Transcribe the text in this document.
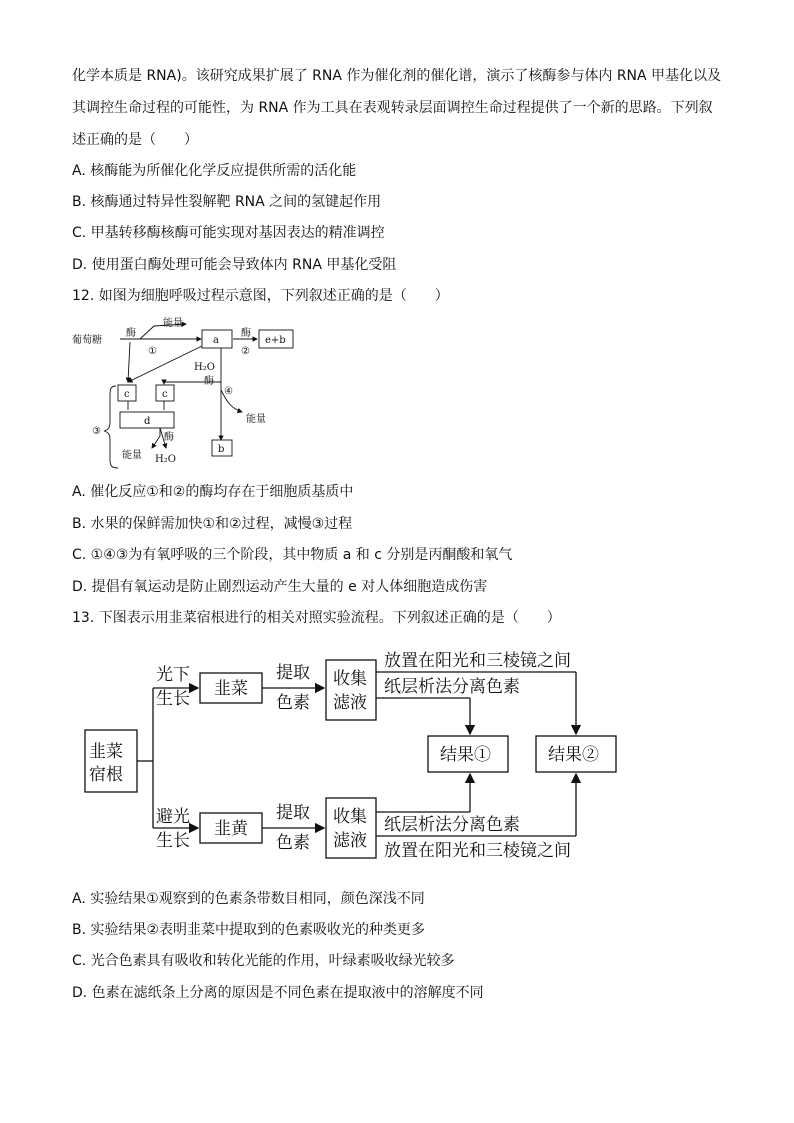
化学本质是 RNA)。该研究成果扩展了 RNA 作为催化剂的催化谱，演示了核酶参与体内 RNA 甲基化以及
其调控生命过程的可能性，为 RNA 作为工具在表观转录层面调控生命过程提供了一个新的思路。下列叙
述正确的是（　　）
A. 核酶能为所催化化学反应提供所需的活化能
B. 核酶通过特异性裂解靶 RNA 之间的氢键起作用
C. 甲基转移酶核酶可能实现对基因表达的精准调控
D. 使用蛋白酶处理可能会导致体内 RNA 甲基化受阻
12. 如图为细胞呼吸过程示意图，下列叙述正确的是（　　）
葡萄糖
酶
能量
①
酶
②
a	e+b
H₂O
酶
④
能量
c	c
d
酶
b
能量 H₂O
③
A. 催化反应①和②的酶均存在于细胞质基质中
B. 水果的保鲜需加快①和②过程，减慢③过程
C. ①④③为有氧呼吸的三个阶段，其中物质 a 和 c 分别是丙酮酸和氧气
D. 提倡有氧运动是防止剧烈运动产生大量的 e 对人体细胞造成伤害
13. 下图表示用韭菜宿根进行的相关对照实验流程。下列叙述正确的是（　　）
韭菜
宿根
光下
生长
避光
生长
韭菜
韭黄
提取
色素
提取
色素
收集
滤液
收集
滤液
放置在阳光和三棱镜之间
纸层析法分离色素
纸层析法分离色素
放置在阳光和三棱镜之间
结果①	结果②
A. 实验结果①观察到的色素条带数目相同，颜色深浅不同
B. 实验结果②表明韭菜中提取到的色素吸收光的种类更多
C. 光合色素具有吸收和转化光能的作用，叶绿素吸收绿光较多
D. 色素在滤纸条上分离的原因是不同色素在提取液中的溶解度不同
